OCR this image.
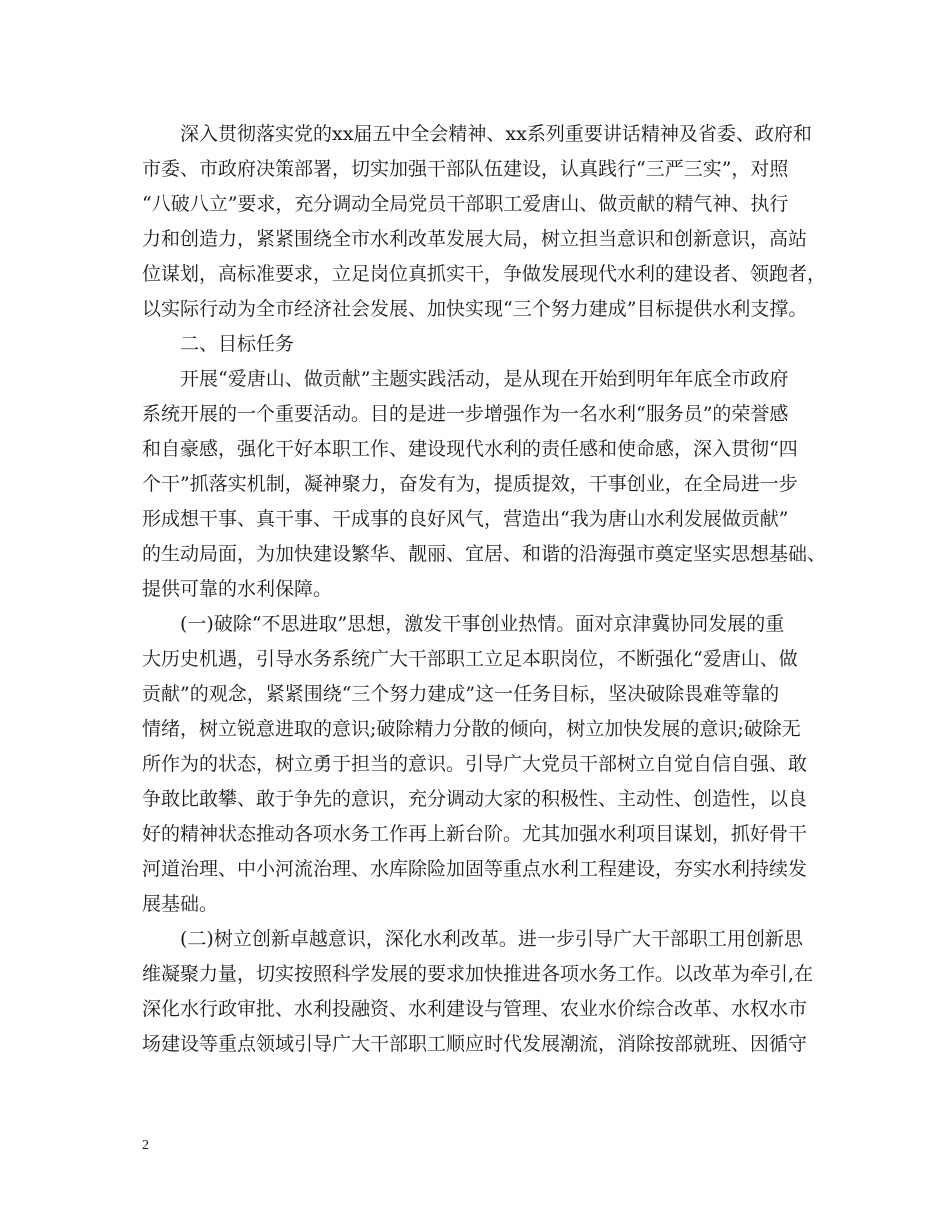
深入贯彻落实党的xx届五中全会精神、xx系列重要讲话精神及省委、政府和
市委、市政府决策部署，切实加强干部队伍建设，认真践行“三严三实”，对照
“八破八立”要求，充分调动全局党员干部职工爱唐山、做贡献的精气神、执行
力和创造力，紧紧围绕全市水利改革发展大局，树立担当意识和创新意识，高站
位谋划，高标准要求，立足岗位真抓实干，争做发展现代水利的建设者、领跑者，
以实际行动为全市经济社会发展、加快实现“三个努力建成”目标提供水利支撑。
二、目标任务
开展“爱唐山、做贡献”主题实践活动，是从现在开始到明年年底全市政府
系统开展的一个重要活动。目的是进一步增强作为一名水利“服务员”的荣誉感
和自豪感，强化干好本职工作、建设现代水利的责任感和使命感，深入贯彻“四
个干”抓落实机制，凝神聚力，奋发有为，提质提效，干事创业，在全局进一步
形成想干事、真干事、干成事的良好风气，营造出“我为唐山水利发展做贡献”
的生动局面，为加快建设繁华、靓丽、宜居、和谐的沿海强市奠定坚实思想基础、
提供可靠的水利保障。
(一)破除“不思进取”思想，激发干事创业热情。面对京津冀协同发展的重
大历史机遇，引导水务系统广大干部职工立足本职岗位，不断强化“爱唐山、做
贡献”的观念，紧紧围绕“三个努力建成”这一任务目标，坚决破除畏难等靠的
情绪，树立锐意进取的意识;破除精力分散的倾向，树立加快发展的意识;破除无
所作为的状态，树立勇于担当的意识。引导广大党员干部树立自觉自信自强、敢
争敢比敢攀、敢于争先的意识，充分调动大家的积极性、主动性、创造性，以良
好的精神状态推动各项水务工作再上新台阶。尤其加强水利项目谋划，抓好骨干
河道治理、中小河流治理、水库除险加固等重点水利工程建设，夯实水利持续发
展基础。
(二)树立创新卓越意识，深化水利改革。进一步引导广大干部职工用创新思
维凝聚力量，切实按照科学发展的要求加快推进各项水务工作。以改革为牵引,在
深化水行政审批、水利投融资、水利建设与管理、农业水价综合改革、水权水市
场建设等重点领域引导广大干部职工顺应时代发展潮流，消除按部就班、因循守
2
